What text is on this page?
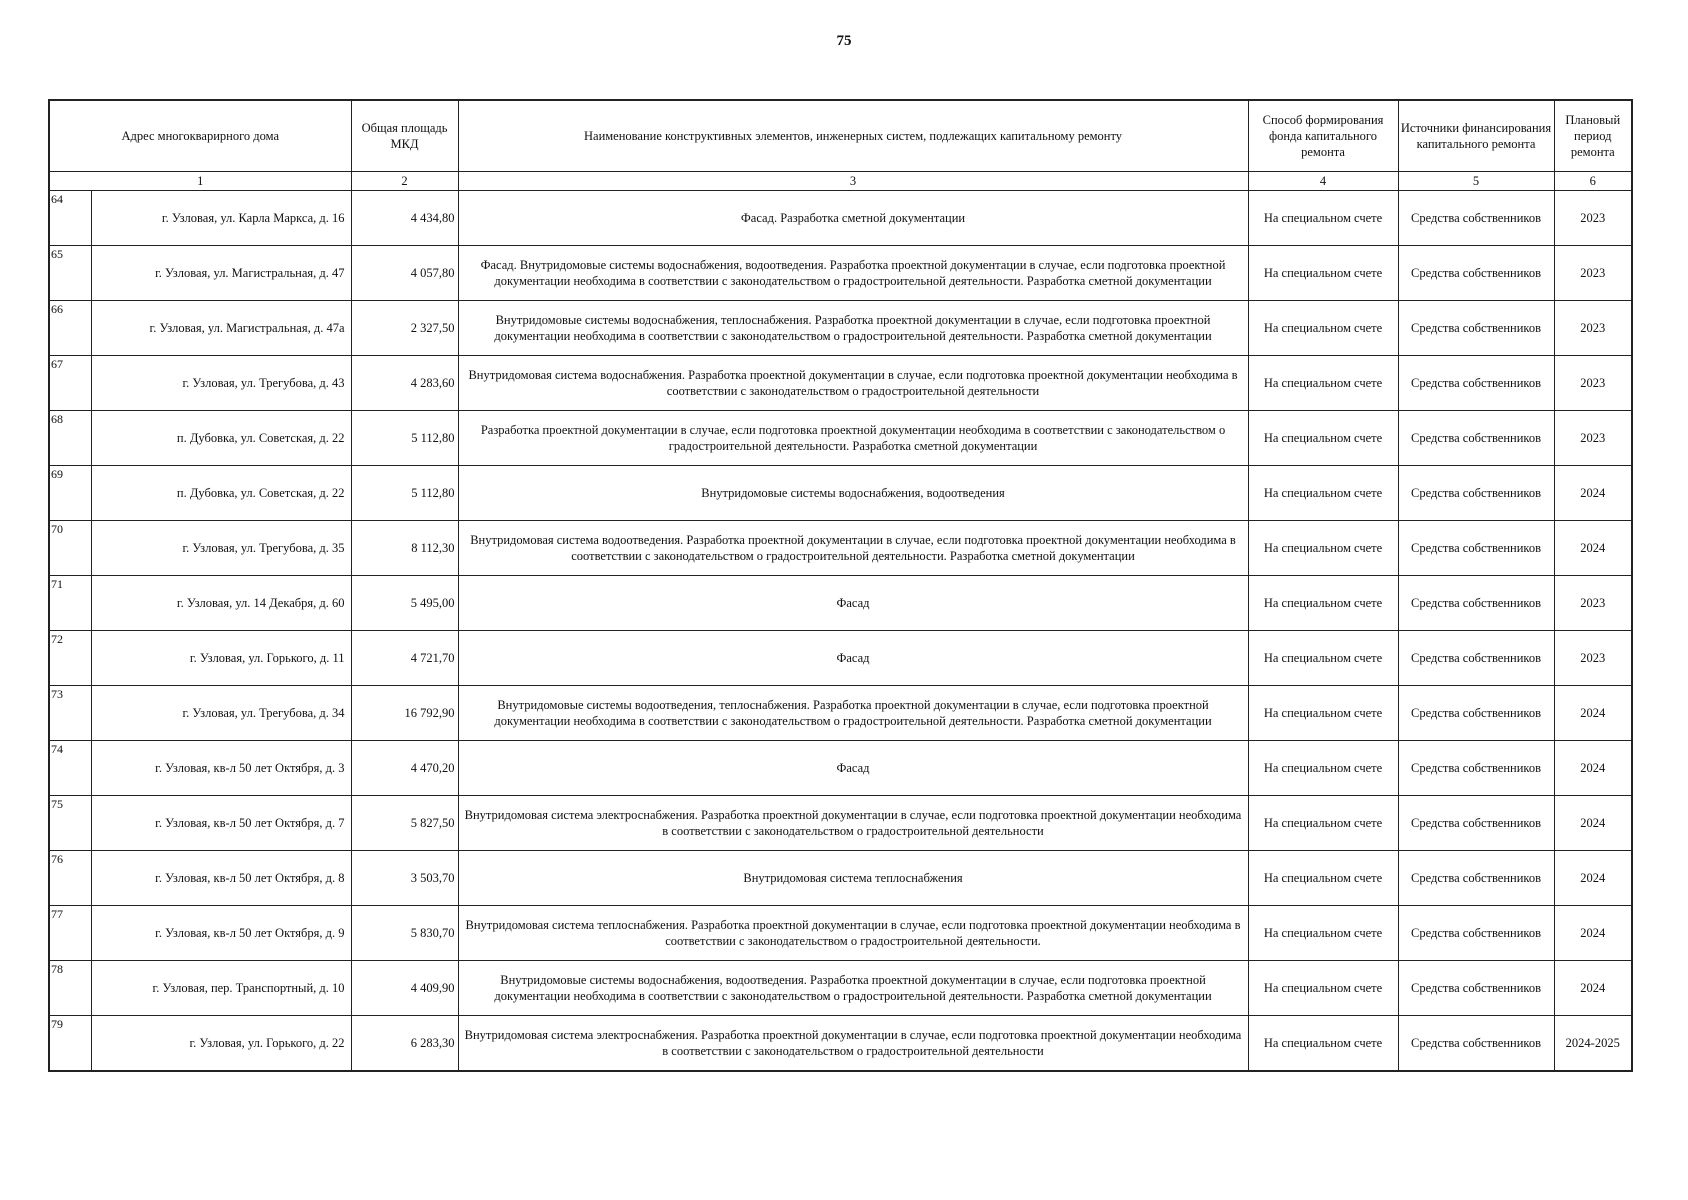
75
Адрес многокварирного дома		Общая площадь МКД	Наименование конструктивных элементов, инженерных систем, подлежащих капитальному ремонту	Способ формирования фонда капитального ремонта	Источники финансирования капитального ремонта	Плановый период ремонта
1		2	3	4	5	6
64	г. Узловая, ул. Карла Маркса, д. 16	4 434,80	Фасад. Разработка сметной документации	На специальном счете	Средства собственников	2023
65	г. Узловая, ул. Магистральная, д. 47	4 057,80	Фасад. Внутридомовые системы водоснабжения, водоотведения. Разработка проектной документации в случае, если подготовка проектной документации необходима в соответствии с законодательством о градостроительной деятельности. Разработка сметной документации	На специальном счете	Средства собственников	2023
66	г. Узловая, ул. Магистральная, д. 47а	2 327,50	Внутридомовые системы водоснабжения, теплоснабжения. Разработка проектной документации в случае, если подготовка проектной документации необходима в соответствии с законодательством о градостроительной деятельности. Разработка сметной документации	На специальном счете	Средства собственников	2023
67	г. Узловая, ул. Трегубова, д. 43	4 283,60	Внутридомовая система водоснабжения. Разработка проектной документации в случае, если подготовка проектной документации необходима в соответствии с законодательством о градостроительной деятельности	На специальном счете	Средства собственников	2023
68	п. Дубовка, ул. Советская, д. 22	5 112,80	Разработка проектной документации в случае, если подготовка проектной документации необходима в соответствии с законодательством о градостроительной деятельности. Разработка сметной документации	На специальном счете	Средства собственников	2023
69	п. Дубовка, ул. Советская, д. 22	5 112,80	Внутридомовые системы водоснабжения, водоотведения	На специальном счете	Средства собственников	2024
70	г. Узловая, ул. Трегубова, д. 35	8 112,30	Внутридомовая система водоотведения. Разработка проектной документации в случае, если подготовка проектной документации необходима в соответствии с законодательством о градостроительной деятельности. Разработка сметной документации	На специальном счете	Средства собственников	2024
71	г. Узловая, ул. 14 Декабря, д. 60	5 495,00	Фасад	На специальном счете	Средства собственников	2023
72	г. Узловая, ул. Горького, д. 11	4 721,70	Фасад	На специальном счете	Средства собственников	2023
73	г. Узловая, ул. Трегубова, д. 34	16 792,90	Внутридомовые системы водоотведения, теплоснабжения. Разработка проектной документации в случае, если подготовка проектной документации необходима в соответствии с законодательством о градостроительной деятельности. Разработка сметной документации	На специальном счете	Средства собственников	2024
74	г. Узловая, кв-л 50 лет Октября, д. 3	4 470,20	Фасад	На специальном счете	Средства собственников	2024
75	г. Узловая, кв-л 50 лет Октября, д. 7	5 827,50	Внутридомовая система электроснабжения. Разработка проектной документации в случае, если подготовка проектной документации необходима в соответствии с законодательством о градостроительной деятельности	На специальном счете	Средства собственников	2024
76	г. Узловая, кв-л 50 лет Октября, д. 8	3 503,70	Внутридомовая система теплоснабжения	На специальном счете	Средства собственников	2024
77	г. Узловая, кв-л 50 лет Октября, д. 9	5 830,70	Внутридомовая система теплоснабжения. Разработка проектной документации в случае, если подготовка проектной документации необходима в соответствии с законодательством о градостроительной деятельности.	На специальном счете	Средства собственников	2024
78	г. Узловая, пер. Транспортный, д. 10	4 409,90	Внутридомовые системы водоснабжения, водоотведения. Разработка проектной документации в случае, если подготовка проектной документации необходима в соответствии с законодательством о градостроительной деятельности. Разработка сметной документации	На специальном счете	Средства собственников	2024
79	г. Узловая, ул. Горького, д. 22	6 283,30	Внутридомовая система электроснабжения. Разработка проектной документации в случае, если подготовка проектной документации необходима в соответствии с законодательством о градостроительной деятельности	На специальном счете	Средства собственников	2024-2025
